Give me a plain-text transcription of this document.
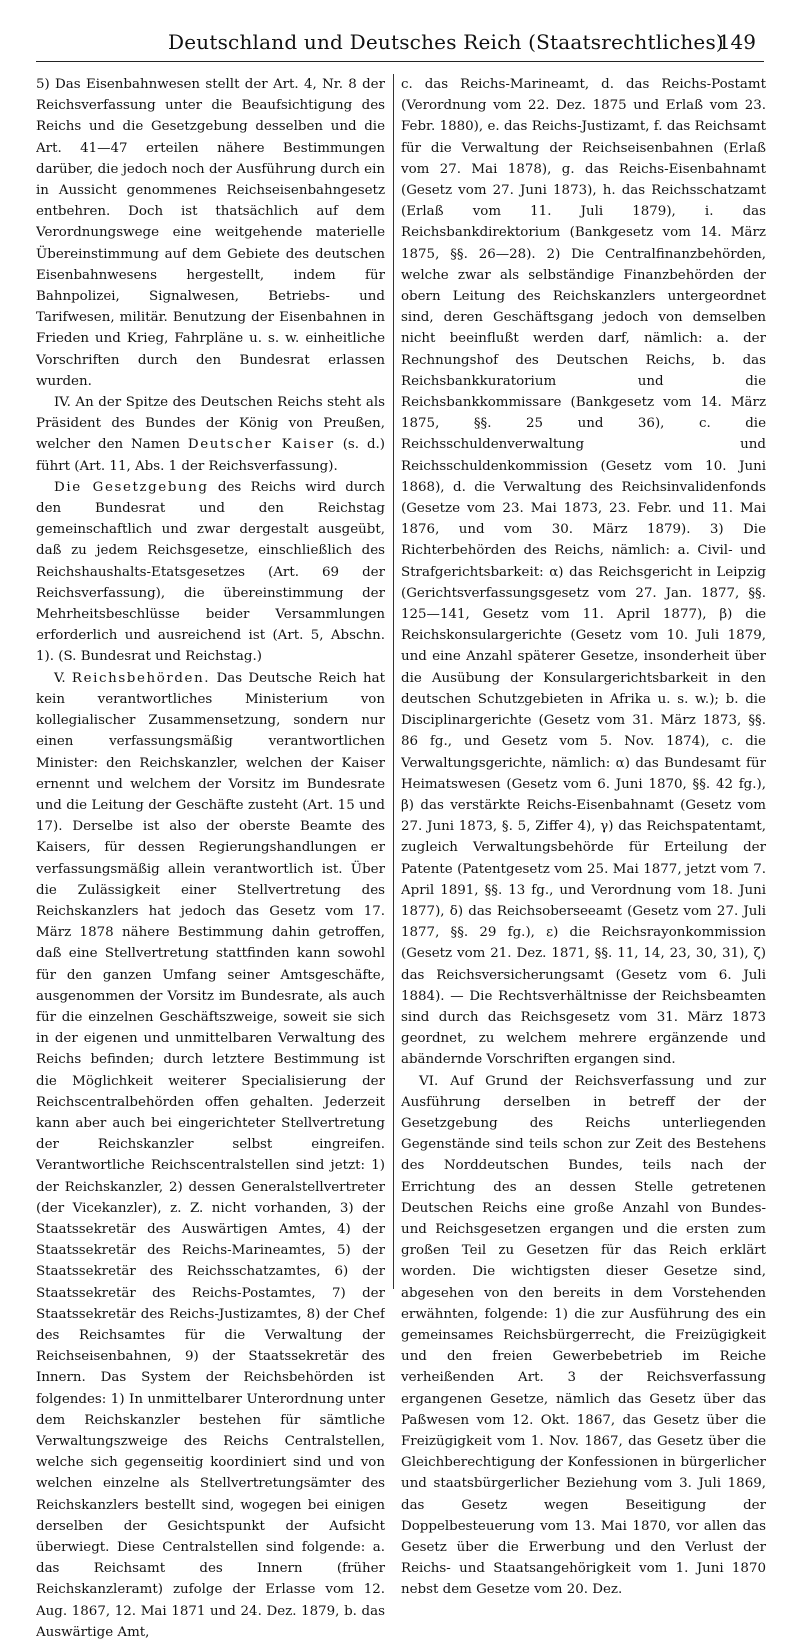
Deutschland und Deutsches Reich (Staatsrechtliches)
149

5) Das Eisenbahnwesen stellt der Art. 4, Nr. 8 der Reichsverfassung unter die Beaufsichtigung des Reichs und die Gesetzgebung desselben und die Art. 41—47 erteilen nähere Bestimmungen darüber, die jedoch noch der Ausführung durch ein in Aussicht genommenes Reichseisenbahngesetz entbehren. Doch ist thatsächlich auf dem Verordnungswege eine weitgehende materielle Übereinstimmung auf dem Gebiete des deutschen Eisenbahnwesens hergestellt, indem für Bahnpolizei, Signalwesen, Betriebs- und Tarifwesen, militär. Benutzung der Eisenbahnen in Frieden und Krieg, Fahrpläne u. s. w. einheitliche Vorschriften durch den Bundesrat erlassen wurden.

IV. An der Spitze des Deutschen Reichs steht als Präsident des Bundes der König von Preußen, welcher den Namen Deutscher Kaiser (s. d.) führt (Art. 11, Abs. 1 der Reichsverfassung).

Die Gesetzgebung des Reichs wird durch den Bundesrat und den Reichstag gemeinschaftlich und zwar dergestalt ausgeübt, daß zu jedem Reichsgesetze, einschließlich des Reichshaushalts-Etatsgesetzes (Art. 69 der Reichsverfassung), die übereinstimmung der Mehrheitsbeschlüsse beider Versammlungen erforderlich und ausreichend ist (Art. 5, Abschn. 1). (S. Bundesrat und Reichstag.)

V. Reichsbehörden. Das Deutsche Reich hat kein verantwortliches Ministerium von kollegialischer Zusammensetzung, sondern nur einen verfassungsmäßig verantwortlichen Minister: den Reichskanzler, welchen der Kaiser ernennt und welchem der Vorsitz im Bundesrate und die Leitung der Geschäfte zusteht (Art. 15 und 17). Derselbe ist also der oberste Beamte des Kaisers, für dessen Regierungshandlungen er verfassungsmäßig allein verantwortlich ist. Über die Zulässigkeit einer Stellvertretung des Reichskanzlers hat jedoch das Gesetz vom 17. März 1878 nähere Bestimmung dahin getroffen, daß eine Stellvertretung stattfinden kann sowohl für den ganzen Umfang seiner Amtsgeschäfte, ausgenommen der Vorsitz im Bundesrate, als auch für die einzelnen Geschäftszweige, soweit sie sich in der eigenen und unmittelbaren Verwaltung des Reichs befinden; durch letztere Bestimmung ist die Möglichkeit weiterer Specialisierung der Reichscentralbehörden offen gehalten. Jederzeit kann aber auch bei eingerichteter Stellvertretung der Reichskanzler selbst eingreifen. Verantwortliche Reichscentralstellen sind jetzt: 1) der Reichskanzler, 2) dessen Generalstellvertreter (der Vicekanzler), z. Z. nicht vorhanden, 3) der Staatssekretär des Auswärtigen Amtes, 4) der Staatssekretär des Reichs-Marineamtes, 5) der Staatssekretär des Reichsschatzamtes, 6) der Staatssekretär des Reichs-Postamtes, 7) der Staatssekretär des Reichs-Justizamtes, 8) der Chef des Reichsamtes für die Verwaltung der Reichseisenbahnen, 9) der Staatssekretär des Innern. Das System der Reichsbehörden ist folgendes: 1) In unmittelbarer Unterordnung unter dem Reichskanzler bestehen für sämtliche Verwaltungszweige des Reichs Centralstellen, welche sich gegenseitig koordiniert sind und von welchen einzelne als Stellvertretungsämter des Reichskanzlers bestellt sind, wogegen bei einigen derselben der Gesichtspunkt der Aufsicht überwiegt. Diese Centralstellen sind folgende: a. das Reichsamt des Innern (früher Reichskanzleramt) zufolge der Erlasse vom 12. Aug. 1867, 12. Mai 1871 und 24. Dez. 1879, b. das Auswärtige Amt,

c. das Reichs-Marineamt, d. das Reichs-Postamt (Verordnung vom 22. Dez. 1875 und Erlaß vom 23. Febr. 1880), e. das Reichs-Justizamt, f. das Reichsamt für die Verwaltung der Reichseisenbahnen (Erlaß vom 27. Mai 1878), g. das Reichs-Eisenbahnamt (Gesetz vom 27. Juni 1873), h. das Reichsschatzamt (Erlaß vom 11. Juli 1879), i. das Reichsbankdirektorium (Bankgesetz vom 14. März 1875, §§. 26—28). 2) Die Centralfinanzbehörden, welche zwar als selbständige Finanzbehörden der obern Leitung des Reichskanzlers untergeordnet sind, deren Geschäftsgang jedoch von demselben nicht beeinflußt werden darf, nämlich: a. der Rechnungshof des Deutschen Reichs, b. das Reichsbankkuratorium und die Reichsbankkommissare (Bankgesetz vom 14. März 1875, §§. 25 und 36), c. die Reichsschuldenverwaltung und Reichsschuldenkommission (Gesetz vom 10. Juni 1868), d. die Verwaltung des Reichsinvalidenfonds (Gesetze vom 23. Mai 1873, 23. Febr. und 11. Mai 1876, und vom 30. März 1879). 3) Die Richterbehörden des Reichs, nämlich: a. Civil- und Strafgerichtsbarkeit: α) das Reichsgericht in Leipzig (Gerichtsverfassungsgesetz vom 27. Jan. 1877, §§. 125—141, Gesetz vom 11. April 1877), β) die Reichskonsulargerichte (Gesetz vom 10. Juli 1879, und eine Anzahl späterer Gesetze, insonderheit über die Ausübung der Konsulargerichtsbarkeit in den deutschen Schutzgebieten in Afrika u. s. w.); b. die Disciplinargerichte (Gesetz vom 31. März 1873, §§. 86 fg., und Gesetz vom 5. Nov. 1874), c. die Verwaltungsgerichte, nämlich: α) das Bundesamt für Heimatswesen (Gesetz vom 6. Juni 1870, §§. 42 fg.), β) das verstärkte Reichs-Eisenbahnamt (Gesetz vom 27. Juni 1873, §. 5, Ziffer 4), γ) das Reichspatentamt, zugleich Verwaltungsbehörde für Erteilung der Patente (Patentgesetz vom 25. Mai 1877, jetzt vom 7. April 1891, §§. 13 fg., und Verordnung vom 18. Juni 1877), δ) das Reichsoberseeamt (Gesetz vom 27. Juli 1877, §§. 29 fg.), ε) die Reichsrayonkommission (Gesetz vom 21. Dez. 1871, §§. 11, 14, 23, 30, 31), ζ) das Reichsversicherungsamt (Gesetz vom 6. Juli 1884). — Die Rechtsverhältnisse der Reichsbeamten sind durch das Reichsgesetz vom 31. März 1873 geordnet, zu welchem mehrere ergänzende und abändernde Vorschriften ergangen sind.

VI. Auf Grund der Reichsverfassung und zur Ausführung derselben in betreff der der Gesetzgebung des Reichs unterliegenden Gegenstände sind teils schon zur Zeit des Bestehens des Norddeutschen Bundes, teils nach der Errichtung des an dessen Stelle getretenen Deutschen Reichs eine große Anzahl von Bundes- und Reichsgesetzen ergangen und die ersten zum großen Teil zu Gesetzen für das Reich erklärt worden. Die wichtigsten dieser Gesetze sind, abgesehen von den bereits in dem Vorstehenden erwähnten, folgende: 1) die zur Ausführung des ein gemeinsames Reichsbürgerrecht, die Freizügigkeit und den freien Gewerbebetrieb im Reiche verheißenden Art. 3 der Reichsverfassung ergangenen Gesetze, nämlich das Gesetz über das Paßwesen vom 12. Okt. 1867, das Gesetz über die Freizügigkeit vom 1. Nov. 1867, das Gesetz über die Gleichberechtigung der Konfessionen in bürgerlicher und staatsbürgerlicher Beziehung vom 3. Juli 1869, das Gesetz wegen Beseitigung der Doppelbesteuerung vom 13. Mai 1870, vor allen das Gesetz über die Erwerbung und den Verlust der Reichs- und Staatsangehörigkeit vom 1. Juni 1870 nebst dem Gesetze vom 20. Dez.
